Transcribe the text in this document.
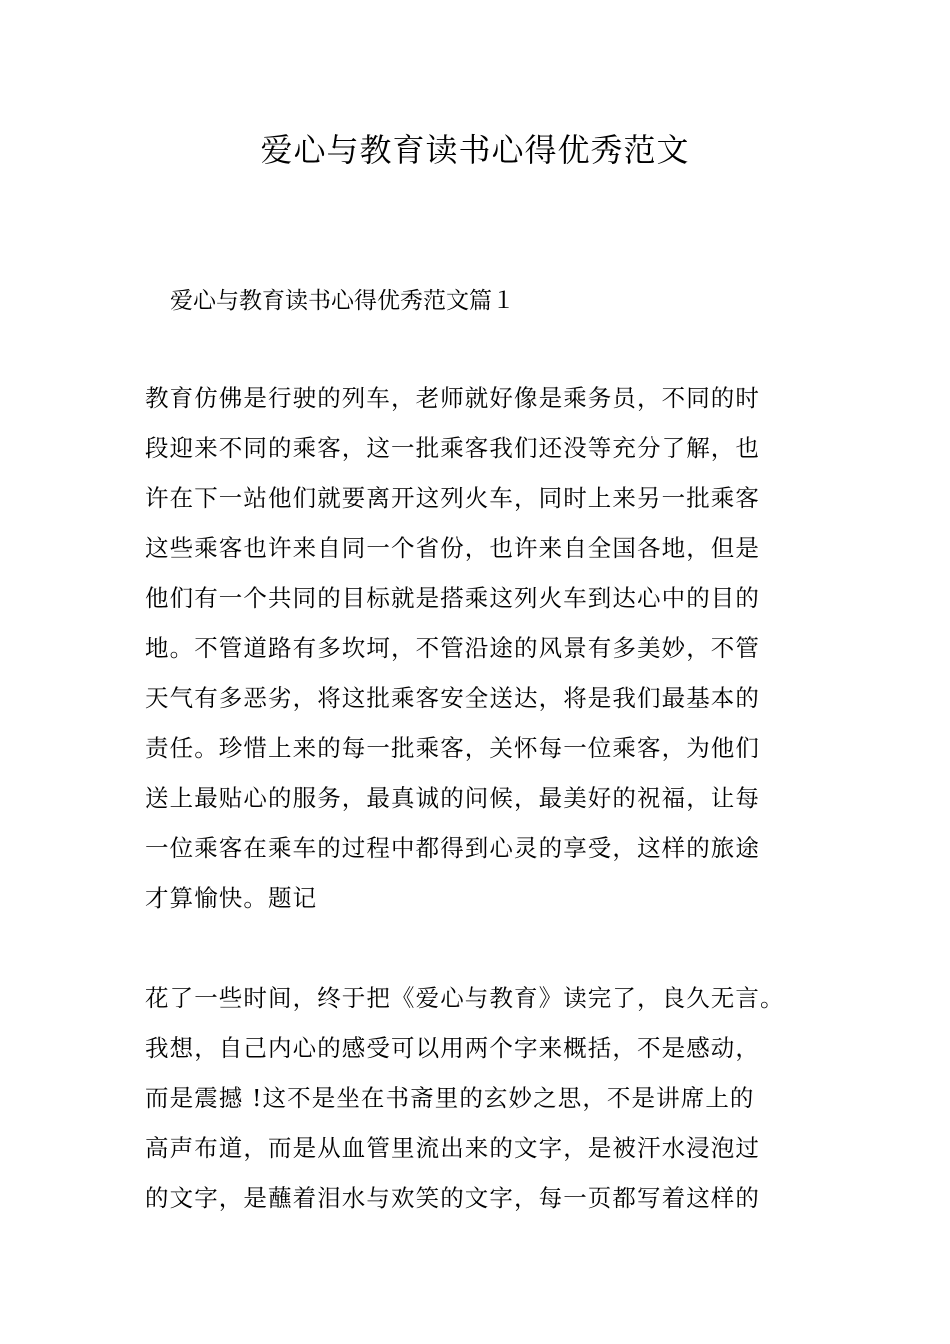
爱心与教育读书心得优秀范文
爱心与教育读书心得优秀范文篇１
教育仿佛是行驶的列车，老师就好像是乘务员，不同的时
段迎来不同的乘客，这一批乘客我们还没等充分了解，也
许在下一站他们就要离开这列火车，同时上来另一批乘客
这些乘客也许来自同一个省份，也许来自全国各地，但是
他们有一个共同的目标就是搭乘这列火车到达心中的目的
地。不管道路有多坎坷，不管沿途的风景有多美妙，不管
天气有多恶劣，将这批乘客安全送达，将是我们最基本的
责任。珍惜上来的每一批乘客，关怀每一位乘客，为他们
送上最贴心的服务，最真诚的问候，最美好的祝福，让每
一位乘客在乘车的过程中都得到心灵的享受，这样的旅途
才算愉快。题记
花了一些时间，终于把《爱心与教育》读完了，良久无言。
我想，自己内心的感受可以用两个字来概括，不是感动，
而是震撼 !这不是坐在书斋里的玄妙之思，不是讲席上的
高声布道，而是从血管里流出来的文字，是被汗水浸泡过
的文字，是蘸着泪水与欢笑的文字，每一页都写着这样的
